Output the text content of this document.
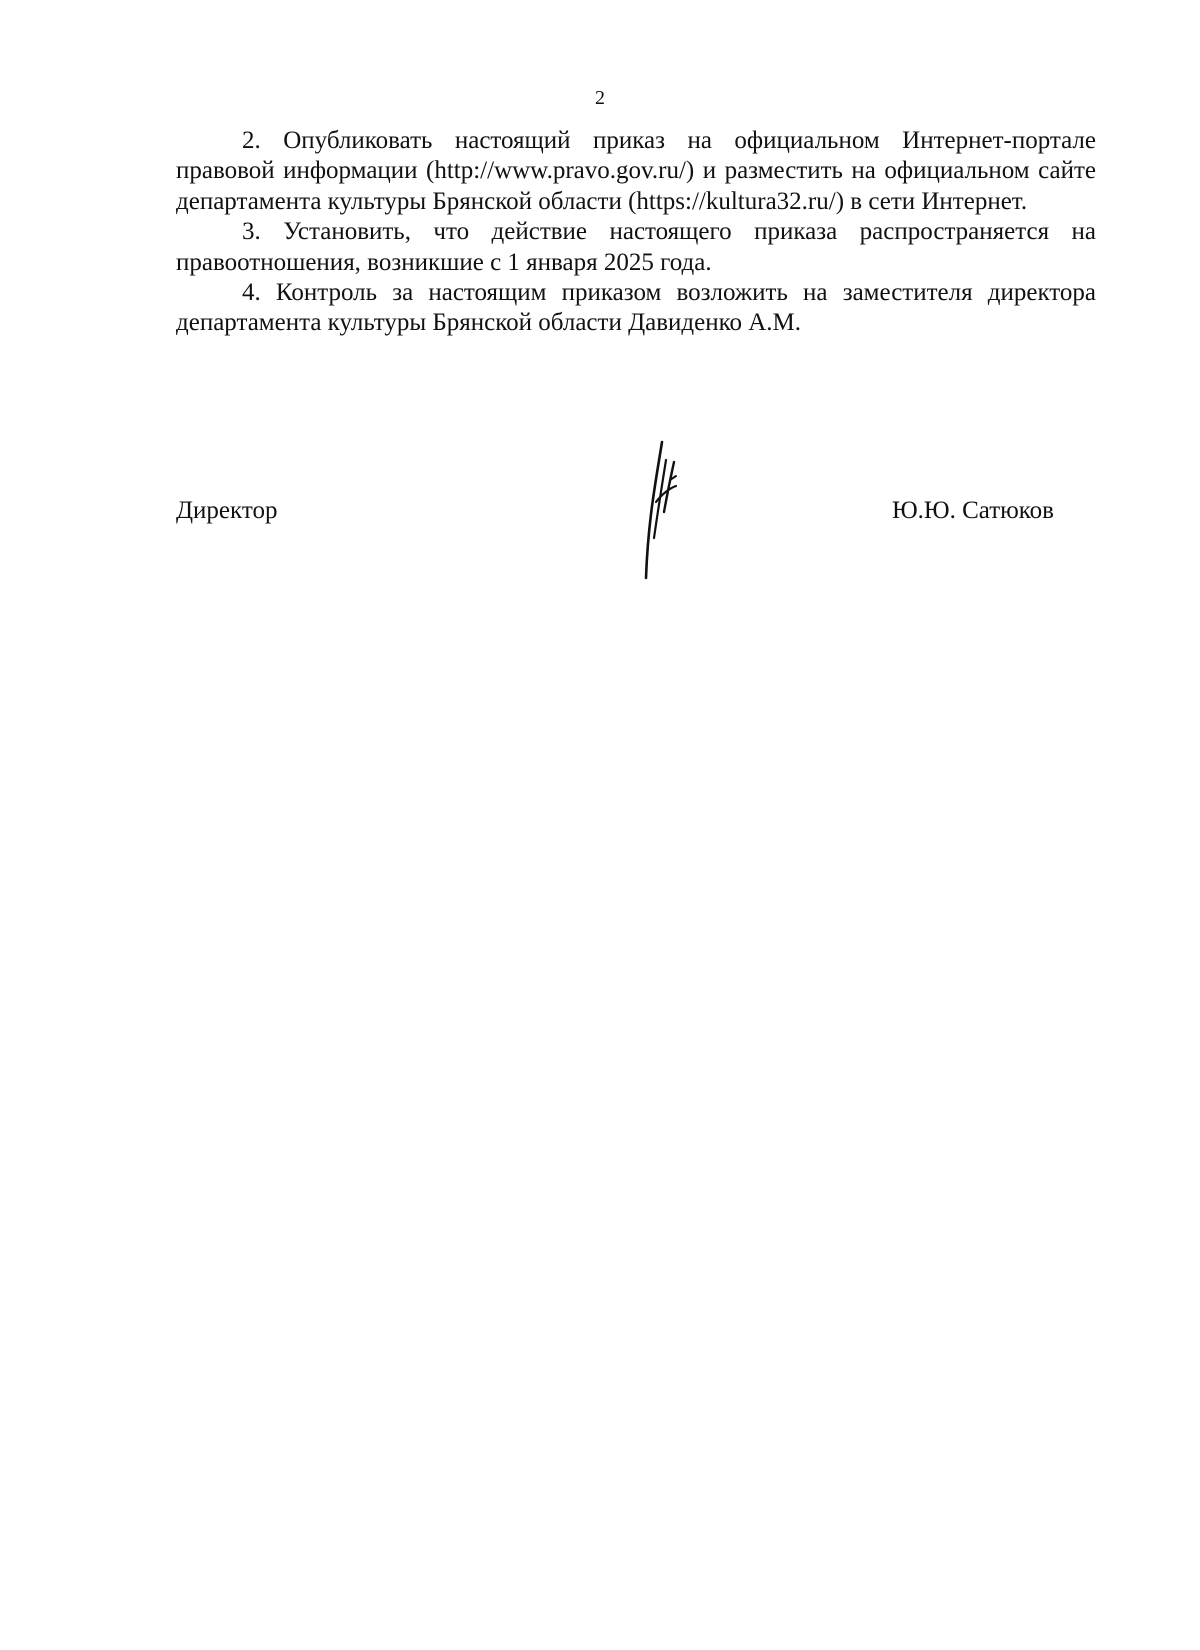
2

2. Опубликовать настоящий приказ на официальном Интернет-портале правовой информации (http://www.pravo.gov.ru/) и разместить на официальном сайте департамента культуры Брянской области (https://kultura32.ru/) в сети Интернет.

3. Установить, что действие настоящего приказа распространяется на правоотношения, возникшие с 1 января 2025 года.

4. Контроль за настоящим приказом возложить на заместителя директора департамента культуры Брянской области Давиденко А.М.

Директор	Ю.Ю. Сатюков
